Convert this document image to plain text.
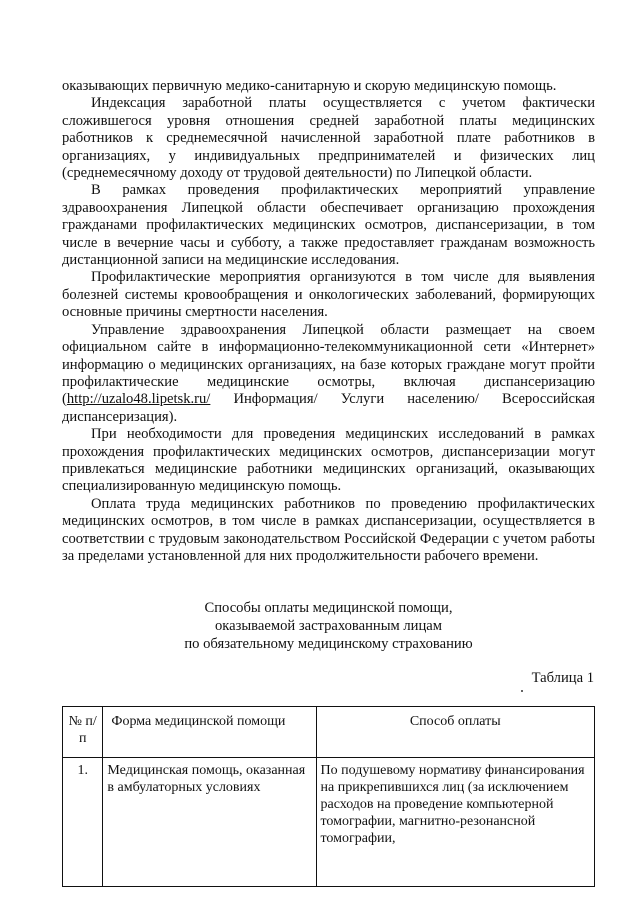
оказывающих первичную медико-санитарную и скорую медицинскую помощь.

Индексация заработной платы осуществляется с учетом фактически сложившегося уровня отношения средней заработной платы медицинских работников к среднемесячной начисленной заработной плате работников в организациях, у индивидуальных предпринимателей и физических лиц (среднемесячному доходу от трудовой деятельности) по Липецкой области.

В рамках проведения профилактических мероприятий управление здравоохранения Липецкой области обеспечивает организацию прохождения гражданами профилактических медицинских осмотров, диспансеризации, в том числе в вечерние часы и субботу, а также предоставляет гражданам возможность дистанционной записи на медицинские исследования.

Профилактические мероприятия организуются в том числе для выявления болезней системы кровообращения и онкологических заболеваний, формирующих основные причины смертности населения.

Управление здравоохранения Липецкой области размещает на своем официальном сайте в информационно-телекоммуникационной сети «Интернет» информацию о медицинских организациях, на базе которых граждане могут пройти профилактические медицинские осмотры, включая диспансеризацию (http://uzalo48.lipetsk.ru/ Информация/ Услуги населению/ Всероссийская диспансеризация).

При необходимости для проведения медицинских исследований в рамках прохождения профилактических медицинских осмотров, диспансеризации могут привлекаться медицинские работники медицинских организаций, оказывающих специализированную медицинскую помощь.

Оплата труда медицинских работников по проведению профилактических медицинских осмотров, в том числе в рамках диспансеризации, осуществляется в соответствии с трудовым законодательством Российской Федерации с учетом работы за пределами установленной для них продолжительности рабочего времени.

Способы оплаты медицинской помощи,
оказываемой застрахованным лицам
по обязательному медицинскому страхованию
Таблица 1
№ п/п	Форма медицинской помощи	Способ оплаты
1.	Медицинская помощь, оказанная в амбулаторных условиях	По подушевому нормативу финансирования на прикрепившихся лиц (за исключением расходов на проведение компьютерной томографии, магнитно-резонансной томографии,
